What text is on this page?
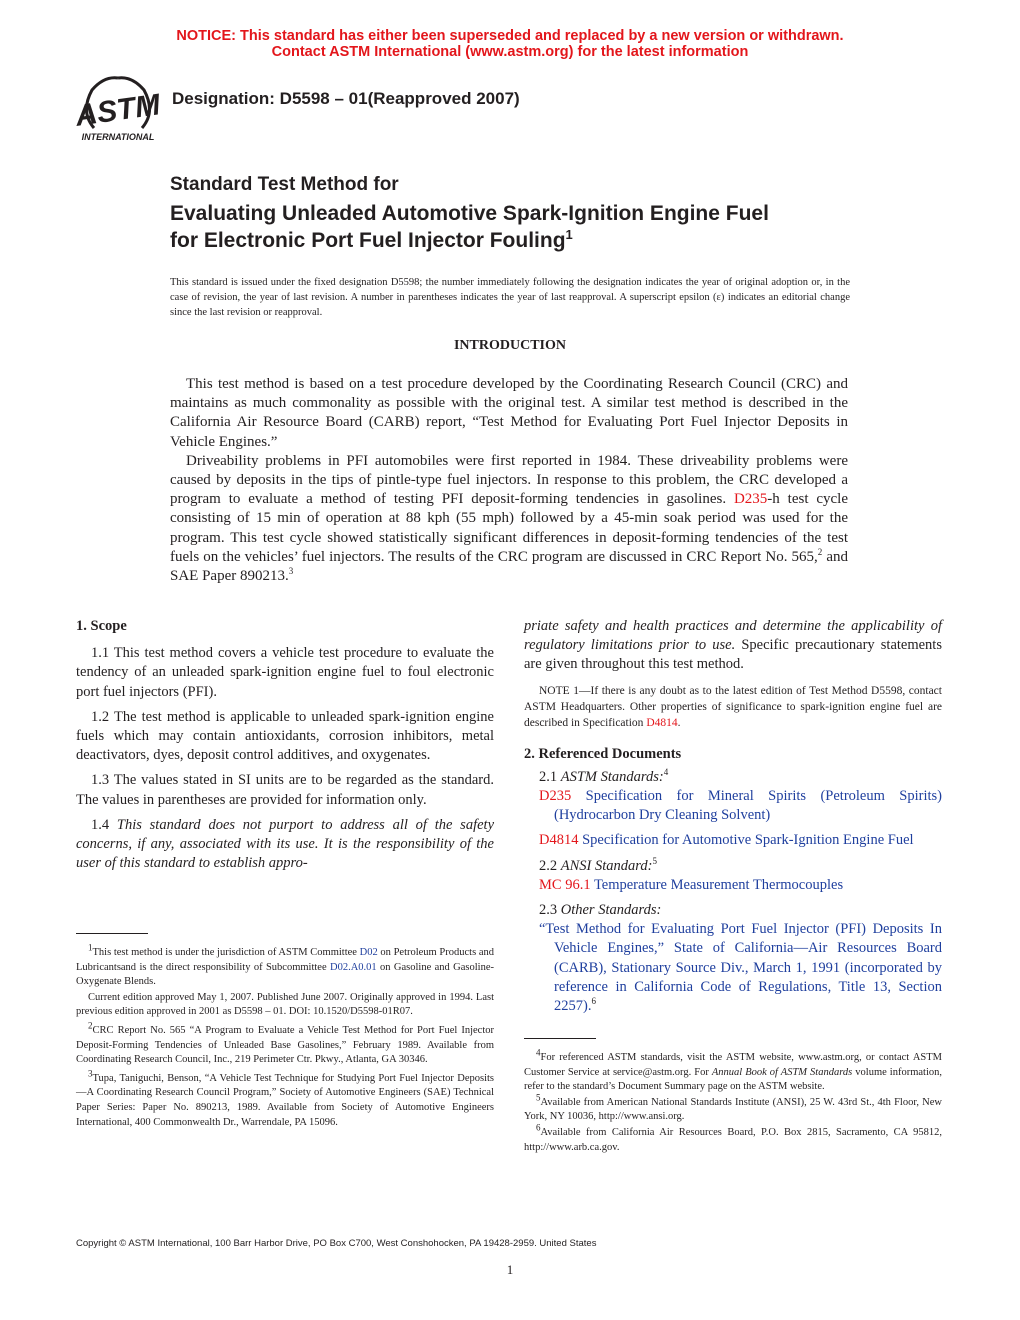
NOTICE: This standard has either been superseded and replaced by a new version or withdrawn.
Contact ASTM International (www.astm.org) for the latest information
ASTM
INTERNATIONAL
Designation: D5598 – 01(Reapproved 2007)
Standard Test Method for
Evaluating Unleaded Automotive Spark-Ignition Engine Fuel
for Electronic Port Fuel Injector Fouling$^1$
This standard is issued under the fixed designation D5598; the number immediately following the designation indicates the year of original adoption or, in the case of revision, the year of last revision. A number in parentheses indicates the year of last reapproval. A superscript epsilon (ε) indicates an editorial change since the last revision or reapproval.
INTRODUCTION

This test method is based on a test procedure developed by the Coordinating Research Council (CRC) and maintains as much commonality as possible with the original test. A similar test method is described in the California Air Resource Board (CARB) report, “Test Method for Evaluating Port Fuel Injector Deposits in Vehicle Engines.”

Driveability problems in PFI automobiles were first reported in 1984. These driveability problems were caused by deposits in the tips of pintle-type fuel injectors. In response to this problem, the CRC developed a program to evaluate a method of testing PFI deposit-forming tendencies in gasolines. D235-h test cycle consisting of 15 min of operation at 88 kph (55 mph) followed by a 45-min soak period was used for the program. This test cycle showed statistically significant differences in deposit-forming tendencies of the test fuels on the vehicles’ fuel injectors. The results of the CRC program are discussed in CRC Report No. 565,$^2$ and SAE Paper 890213.$^3$

1. Scope

1.1 This test method covers a vehicle test procedure to evaluate the tendency of an unleaded spark-ignition engine fuel to foul electronic port fuel injectors (PFI).

1.2 The test method is applicable to unleaded spark-ignition engine fuels which may contain antioxidants, corrosion inhibitors, metal deactivators, dyes, deposit control additives, and oxygenates.

1.3 The values stated in SI units are to be regarded as the standard. The values in parentheses are provided for information only.

1.4 This standard does not purport to address all of the safety concerns, if any, associated with its use. It is the responsibility of the user of this standard to establish appro-

$^1$This test method is under the jurisdiction of ASTM Committee D02 on Petroleum Products and Lubricantsand is the direct responsibility of Subcommittee D02.A0.01 on Gasoline and Gasoline-Oxygenate Blends.

Current edition approved May 1, 2007. Published June 2007. Originally approved in 1994. Last previous edition approved in 2001 as D5598 – 01. DOI: 10.1520/D5598-01R07.

$^2$CRC Report No. 565 “A Program to Evaluate a Vehicle Test Method for Port Fuel Injector Deposit-Forming Tendencies of Unleaded Base Gasolines,” February 1989. Available from Coordinating Research Council, Inc., 219 Perimeter Ctr. Pkwy., Atlanta, GA 30346.

$^3$Tupa, Taniguchi, Benson, “A Vehicle Test Technique for Studying Port Fuel Injector Deposits—A Coordinating Research Council Program,” Society of Automotive Engineers (SAE) Technical Paper Series: Paper No. 890213, 1989. Available from Society of Automotive Engineers International, 400 Commonwealth Dr., Warrendale, PA 15096.

priate safety and health practices and determine the applicability of regulatory limitations prior to use. Specific precautionary statements are given throughout this test method.

NOTE 1—If there is any doubt as to the latest edition of Test Method D5598, contact ASTM Headquarters. Other properties of significance to spark-ignition engine fuel are described in Specification D4814.

2. Referenced Documents

2.1 ASTM Standards:$^4$

D235 Specification for Mineral Spirits (Petroleum Spirits) (Hydrocarbon Dry Cleaning Solvent)

D4814 Specification for Automotive Spark-Ignition Engine Fuel

2.2 ANSI Standard:$^5$

MC 96.1 Temperature Measurement Thermocouples

2.3 Other Standards:

“Test Method for Evaluating Port Fuel Injector (PFI) Deposits In Vehicle Engines,” State of California—Air Resources Board (CARB), Stationary Source Div., March 1, 1991 (incorporated by reference in California Code of Regulations, Title 13, Section 2257).$^6$

$^4$For referenced ASTM standards, visit the ASTM website, www.astm.org, or contact ASTM Customer Service at service@astm.org. For Annual Book of ASTM Standards volume information, refer to the standard’s Document Summary page on the ASTM website.

$^5$Available from American National Standards Institute (ANSI), 25 W. 43rd St., 4th Floor, New York, NY 10036, http://www.ansi.org.

$^6$Available from California Air Resources Board, P.O. Box 2815, Sacramento, CA 95812, http://www.arb.ca.gov.

Copyright © ASTM International, 100 Barr Harbor Drive, PO Box C700, West Conshohocken, PA 19428-2959. United States
1
